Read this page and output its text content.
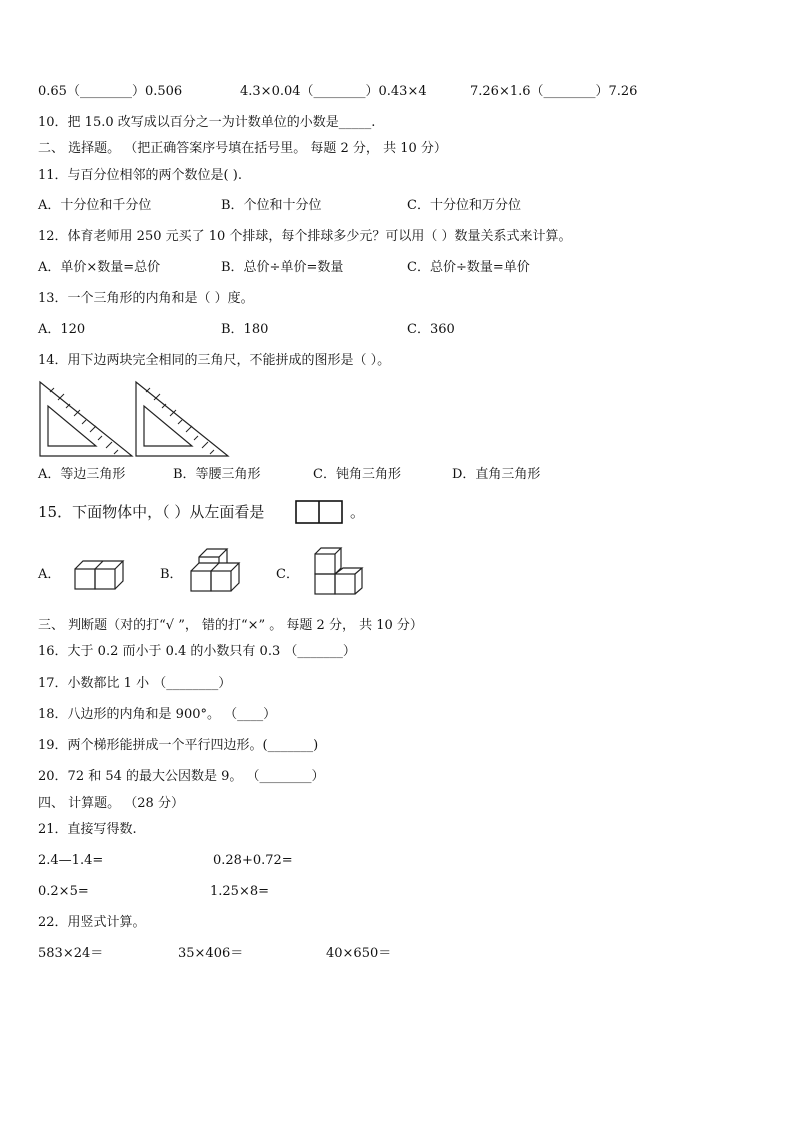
0.65（________）0.506	4.3×0.04（________）0.43×4	7.26×1.6（________）7.26
10．把 15.0 改写成以百分之一为计数单位的小数是_____.
二、 选择题。 （把正确答案序号填在括号里。 每题 2 分， 共 10 分）
11．与百分位相邻的两个数位是( ).
A．十分位和千分位	B．个位和十分位	C．十分位和万分位
12．体育老师用 250 元买了 10 个排球，每个排球多少元？可以用（ ）数量关系式来计算。
A．单价×数量=总价	B．总价÷单价=数量	C．总价÷数量=单价
13．一个三角形的内角和是（ ）度。
A．120	B．180	C．360
14．用下边两块完全相同的三角尺，不能拼成的图形是（ ）。
A．等边三角形	B．等腰三角形	C．钝角三角形	D．直角三角形
15．下面物体中，（ ）从左面看是	。
A．	B．	C．
三、 判断题（对的打“√ ”， 错的打“×” 。 每题 2 分， 共 10 分）
16．大于 0.2 而小于 0.4 的小数只有 0.3 （_______）
17．小数都比 1 小 （________）
18．八边形的内角和是 900°。 （____）
19．两个梯形能拼成一个平行四边形。(_______)
20．72 和 54 的最大公因数是 9。 （________）
四、 计算题。 （28 分）
21．直接写得数.
2.4—1.4=	0.28+0.72=
0.2×5=	1.25×8=
22．用竖式计算。
583×24＝	35×406＝	40×650＝
